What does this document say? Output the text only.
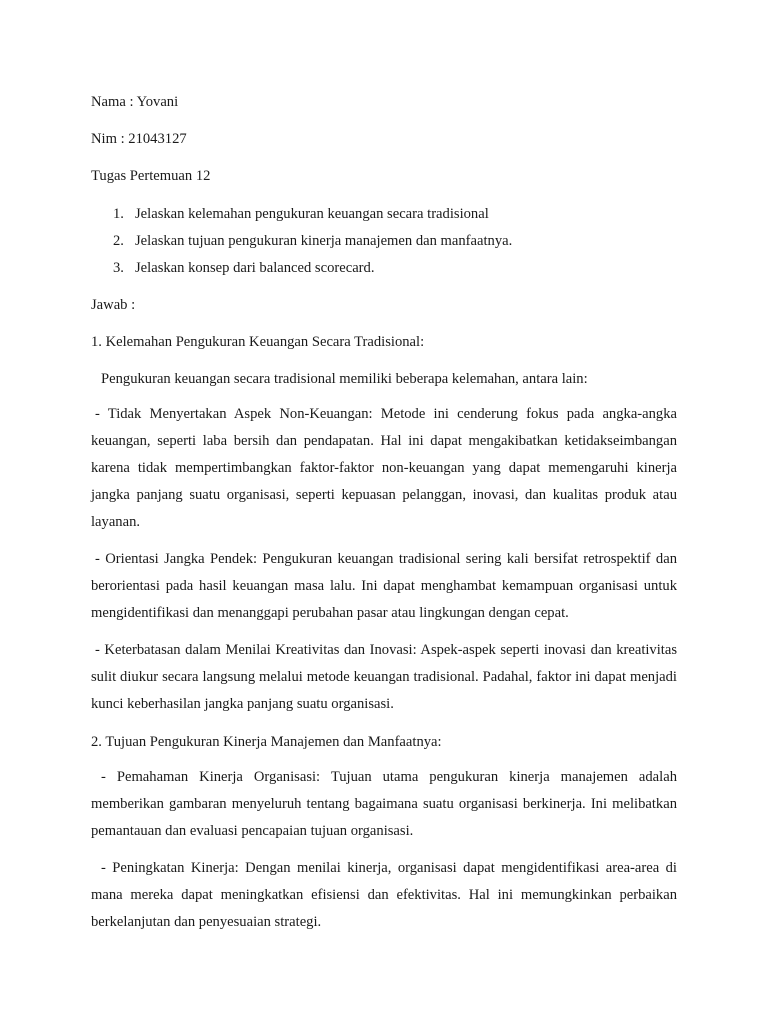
Nama : Yovani

Nim : 21043127

Tugas Pertemuan 12

1. Jelaskan kelemahan pengukuran keuangan secara tradisional
2. Jelaskan tujuan pengukuran kinerja manajemen dan manfaatnya.
3. Jelaskan konsep dari balanced scorecard.

Jawab :

1. Kelemahan Pengukuran Keuangan Secara Tradisional:

Pengukuran keuangan secara tradisional memiliki beberapa kelemahan, antara lain:

- Tidak Menyertakan Aspek Non-Keuangan: Metode ini cenderung fokus pada angka-angka keuangan, seperti laba bersih dan pendapatan. Hal ini dapat mengakibatkan ketidakseimbangan karena tidak mempertimbangkan faktor-faktor non-keuangan yang dapat memengaruhi kinerja jangka panjang suatu organisasi, seperti kepuasan pelanggan, inovasi, dan kualitas produk atau layanan.

- Orientasi Jangka Pendek: Pengukuran keuangan tradisional sering kali bersifat retrospektif dan berorientasi pada hasil keuangan masa lalu. Ini dapat menghambat kemampuan organisasi untuk mengidentifikasi dan menanggapi perubahan pasar atau lingkungan dengan cepat.

- Keterbatasan dalam Menilai Kreativitas dan Inovasi: Aspek-aspek seperti inovasi dan kreativitas sulit diukur secara langsung melalui metode keuangan tradisional. Padahal, faktor ini dapat menjadi kunci keberhasilan jangka panjang suatu organisasi.

2. Tujuan Pengukuran Kinerja Manajemen dan Manfaatnya:

- Pemahaman Kinerja Organisasi: Tujuan utama pengukuran kinerja manajemen adalah memberikan gambaran menyeluruh tentang bagaimana suatu organisasi berkinerja. Ini melibatkan pemantauan dan evaluasi pencapaian tujuan organisasi.

- Peningkatan Kinerja: Dengan menilai kinerja, organisasi dapat mengidentifikasi area-area di mana mereka dapat meningkatkan efisiensi dan efektivitas. Hal ini memungkinkan perbaikan berkelanjutan dan penyesuaian strategi.
